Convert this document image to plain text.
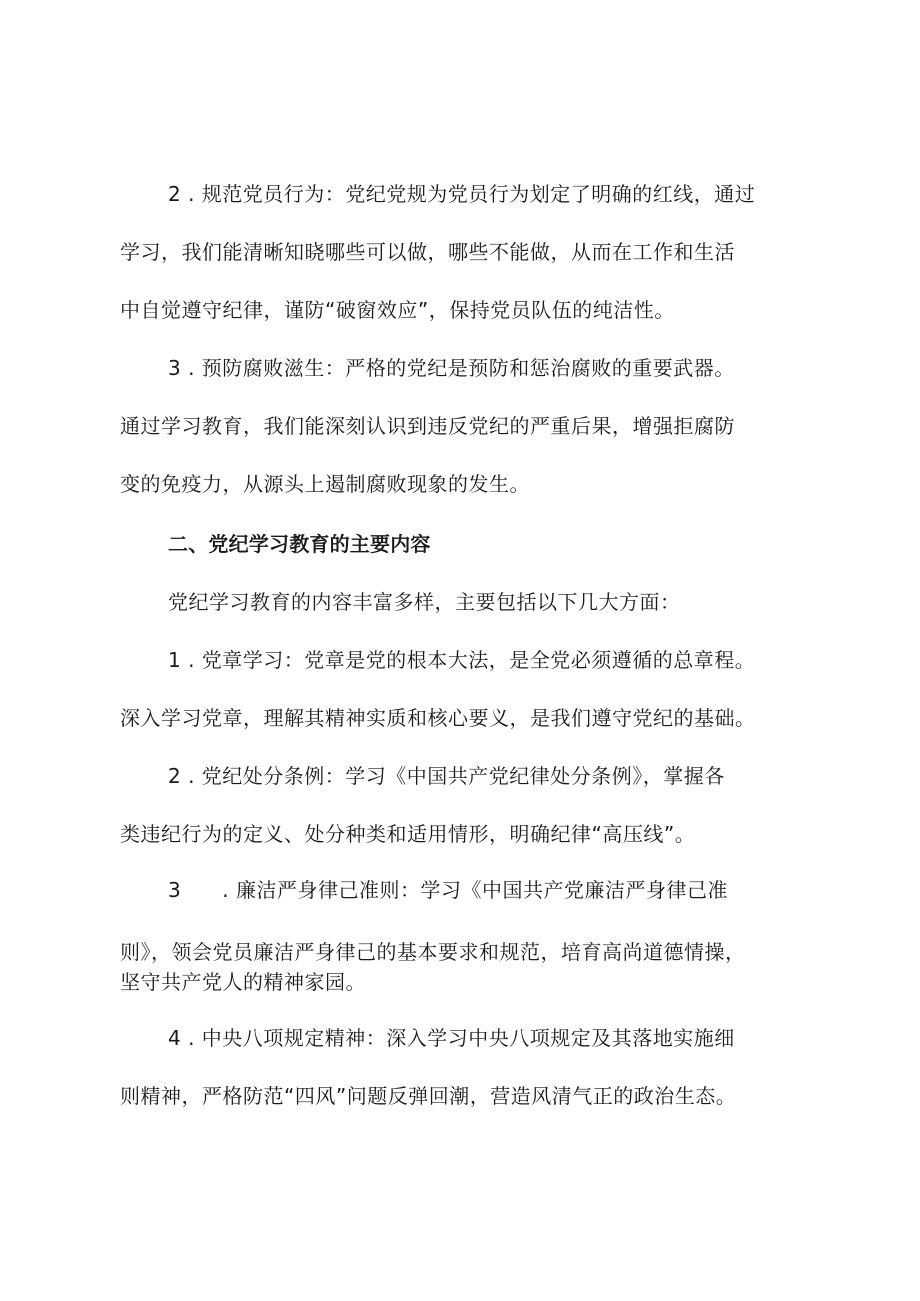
2 . 规范党员行为：党纪党规为党员行为划定了明确的红线，通过

学习，我们能清晰知晓哪些可以做，哪些不能做，从而在工作和生活

中自觉遵守纪律，谨防“破窗效应”，保持党员队伍的纯洁性。

3 . 预防腐败滋生：严格的党纪是预防和惩治腐败的重要武器。

通过学习教育，我们能深刻认识到违反党纪的严重后果，增强拒腐防

变的免疫力，从源头上遏制腐败现象的发生。

二、党纪学习教育的主要内容

党纪学习教育的内容丰富多样，主要包括以下几大方面：

1 . 党章学习：党章是党的根本大法，是全党必须遵循的总章程。

深入学习党章，理解其精神实质和核心要义，是我们遵守党纪的基础。

2 . 党纪处分条例：学习《中国共产党纪律处分条例》，掌握各

类违纪行为的定义、处分种类和适用情形，明确纪律“高压线”。

3　　. 廉洁严身律己准则：学习《中国共产党廉洁严身律己准

则》，领会党员廉洁严身律己的基本要求和规范，培育高尚道德情操，

坚守共产党人的精神家园。

4 . 中央八项规定精神：深入学习中央八项规定及其落地实施细

则精神，严格防范“四风”问题反弹回潮，营造风清气正的政治生态。
